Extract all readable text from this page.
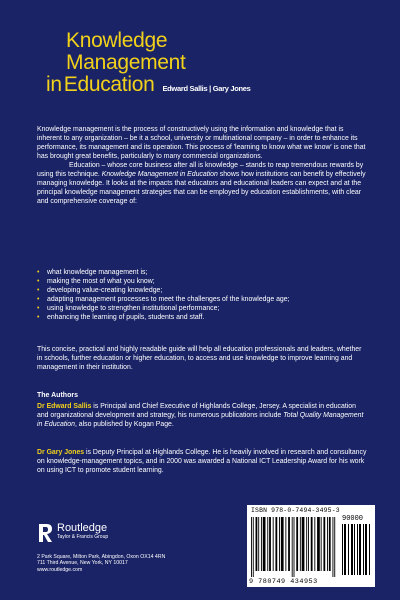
Knowledge
Management
in Education Edward Sallis | Gary Jones

Knowledge management is the process of constructively using the information and knowledge that is inherent to any organization – be it a school, university or multinational company – in order to enhance its performance, its management and its operation. This process of 'learning to know what we know' is one that has brought great benefits, particularly to many commercial organizations.

Education – whose core business after all is knowledge – stands to reap tremendous rewards by using this technique. Knowledge Management in Education shows how institutions can benefit by effectively managing knowledge. It looks at the impacts that educators and educational leaders can expect and at the principal knowledge management strategies that can be employed by education establishments, with clear and comprehensive coverage of:

• what knowledge management is;
• making the most of what you know;
• developing value-creating knowledge;
• adapting management processes to meet the challenges of the knowledge age;
• using knowledge to strengthen institutional performance;
• enhancing the learning of pupils, students and staff.

This concise, practical and highly readable guide will help all education professionals and leaders, whether in schools, further education or higher education, to access and use knowledge to improve learning and management in their institution.

The Authors

Dr Edward Sallis is Principal and Chief Executive of Highlands College, Jersey. A specialist in education and organizational development and strategy, his numerous publications include Total Quality Management in Education, also published by Kogan Page.

Dr Gary Jones is Deputy Principal at Highlands College. He is heavily involved in research and consultancy on knowledge-management topics, and in 2000 was awarded a National ICT Leadership Award for his work on using ICT to promote student learning.

Routledge
Taylor & Francis Group
2 Park Square, Milton Park, Abingdon, Oxon OX14 4RN
711 Third Avenue, New York, NY 10017
www.routledge.com
ISBN 978-0-7494-3495-3
90000
9 780749 434953
